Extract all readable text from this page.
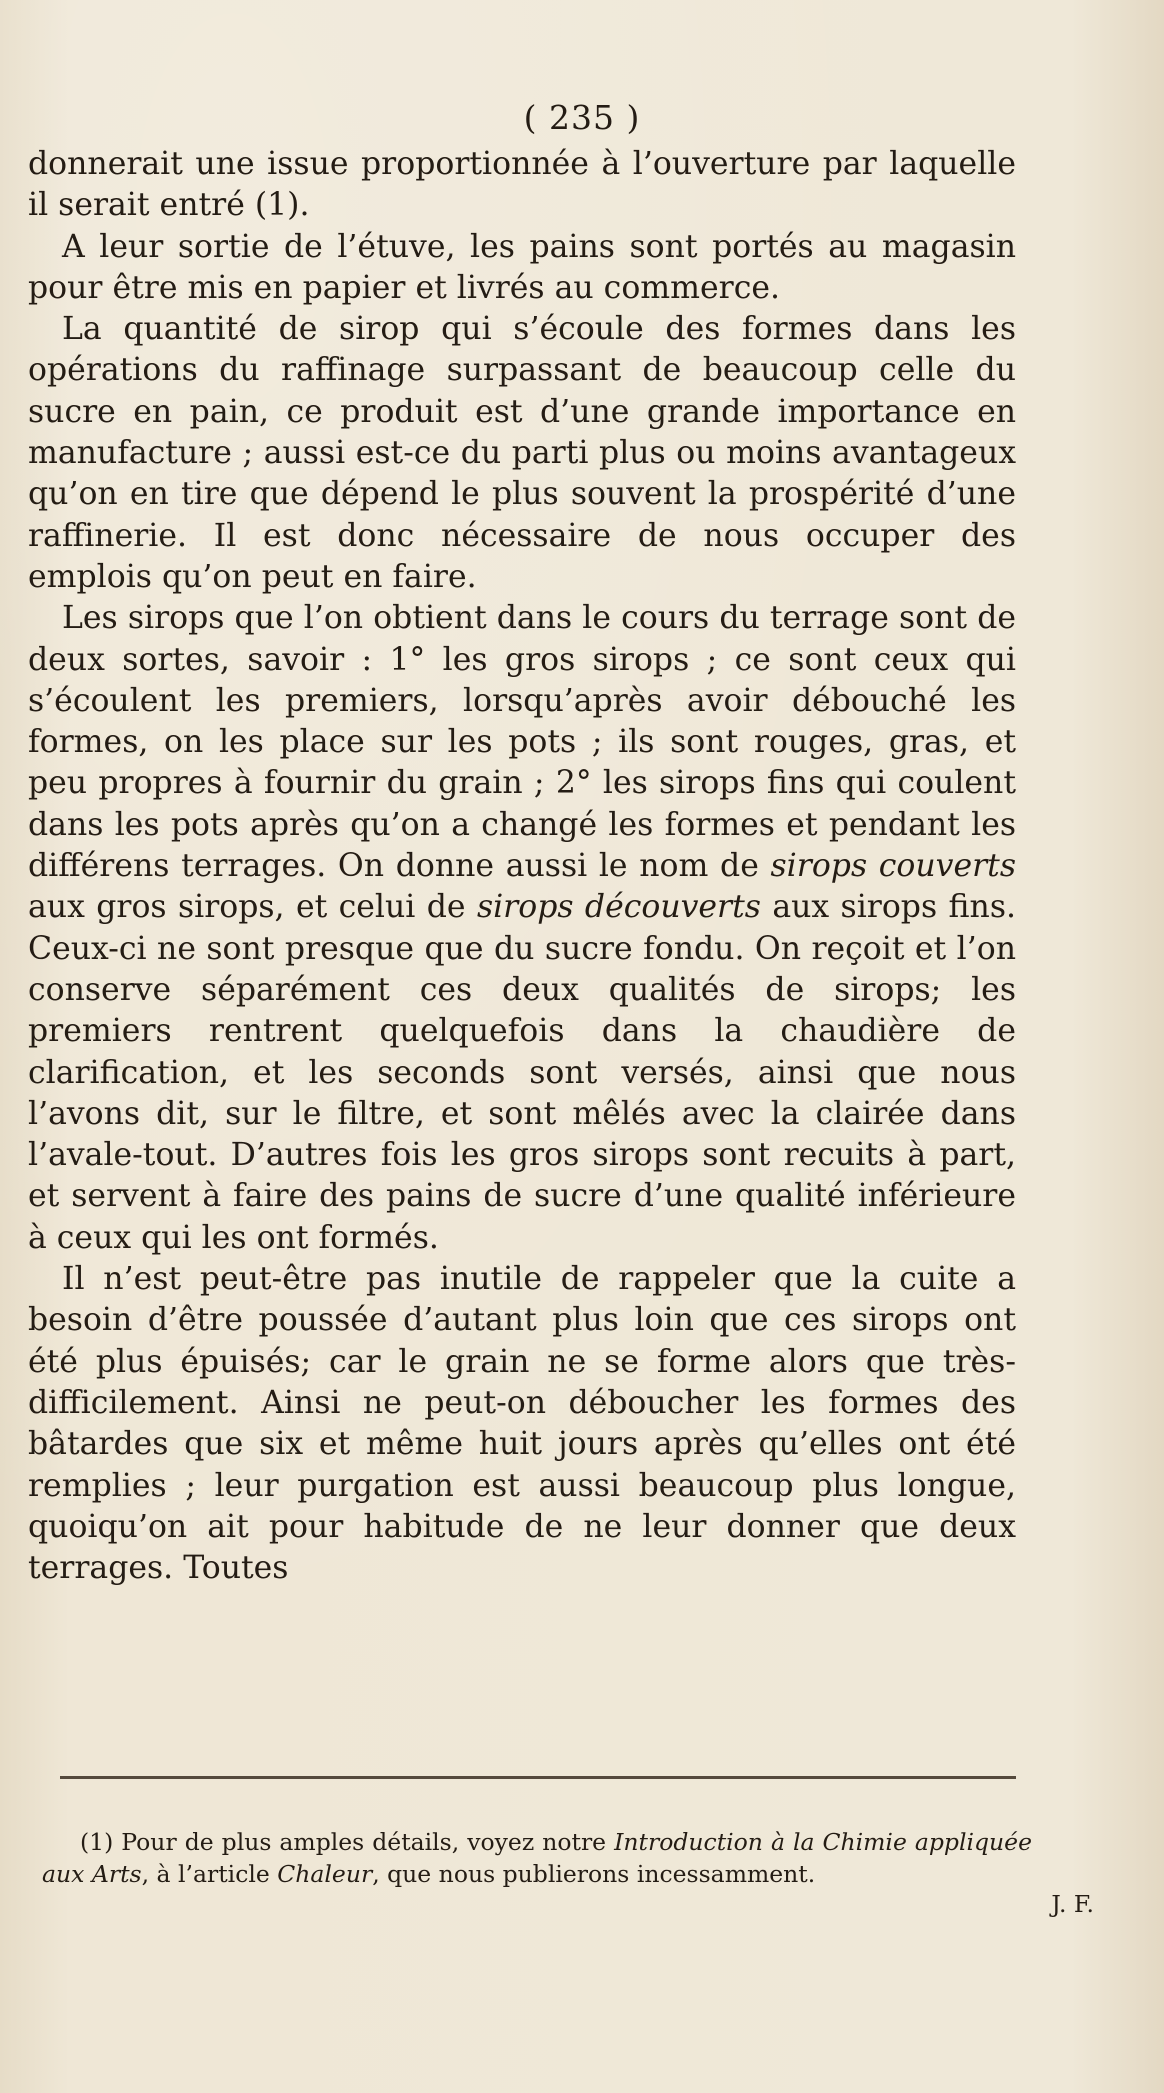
( 235 )

donnerait une issue proportionnée à l’ouverture par laquelle il serait entré (1).

A leur sortie de l’étuve, les pains sont portés au magasin pour être mis en papier et livrés au commerce.

La quantité de sirop qui s’écoule des formes dans les opérations du raffinage surpassant de beaucoup celle du sucre en pain, ce produit est d’une grande importance en manufacture ; aussi est-ce du parti plus ou moins avantageux qu’on en tire que dépend le plus souvent la prospérité d’une raffinerie. Il est donc nécessaire de nous occuper des emplois qu’on peut en faire.

Les sirops que l’on obtient dans le cours du terrage sont de deux sortes, savoir : 1° les gros sirops ; ce sont ceux qui s’écoulent les premiers, lorsqu’après avoir débouché les formes, on les place sur les pots ; ils sont rouges, gras, et peu propres à fournir du grain ; 2° les sirops fins qui coulent dans les pots après qu’on a changé les formes et pendant les différens terrages. On donne aussi le nom de sirops couverts aux gros sirops, et celui de sirops découverts aux sirops fins. Ceux-ci ne sont presque que du sucre fondu. On reçoit et l’on conserve séparément ces deux qualités de sirops; les premiers rentrent quelquefois dans la chaudière de clarification, et les seconds sont versés, ainsi que nous l’avons dit, sur le filtre, et sont mêlés avec la clairée dans l’avale-tout. D’autres fois les gros sirops sont recuits à part, et servent à faire des pains de sucre d’une qualité inférieure à ceux qui les ont formés.

Il n’est peut-être pas inutile de rappeler que la cuite a besoin d’être poussée d’autant plus loin que ces sirops ont été plus épuisés; car le grain ne se forme alors que très-difficilement. Ainsi ne peut-on déboucher les formes des bâtardes que six et même huit jours après qu’elles ont été remplies ; leur purgation est aussi beaucoup plus longue, quoiqu’on ait pour habitude de ne leur donner que deux terrages. Toutes

(1) Pour de plus amples détails, voyez notre Introduction à la Chimie appliquée aux Arts, à l’article Chaleur, que nous publierons incessamment.

J. F.
